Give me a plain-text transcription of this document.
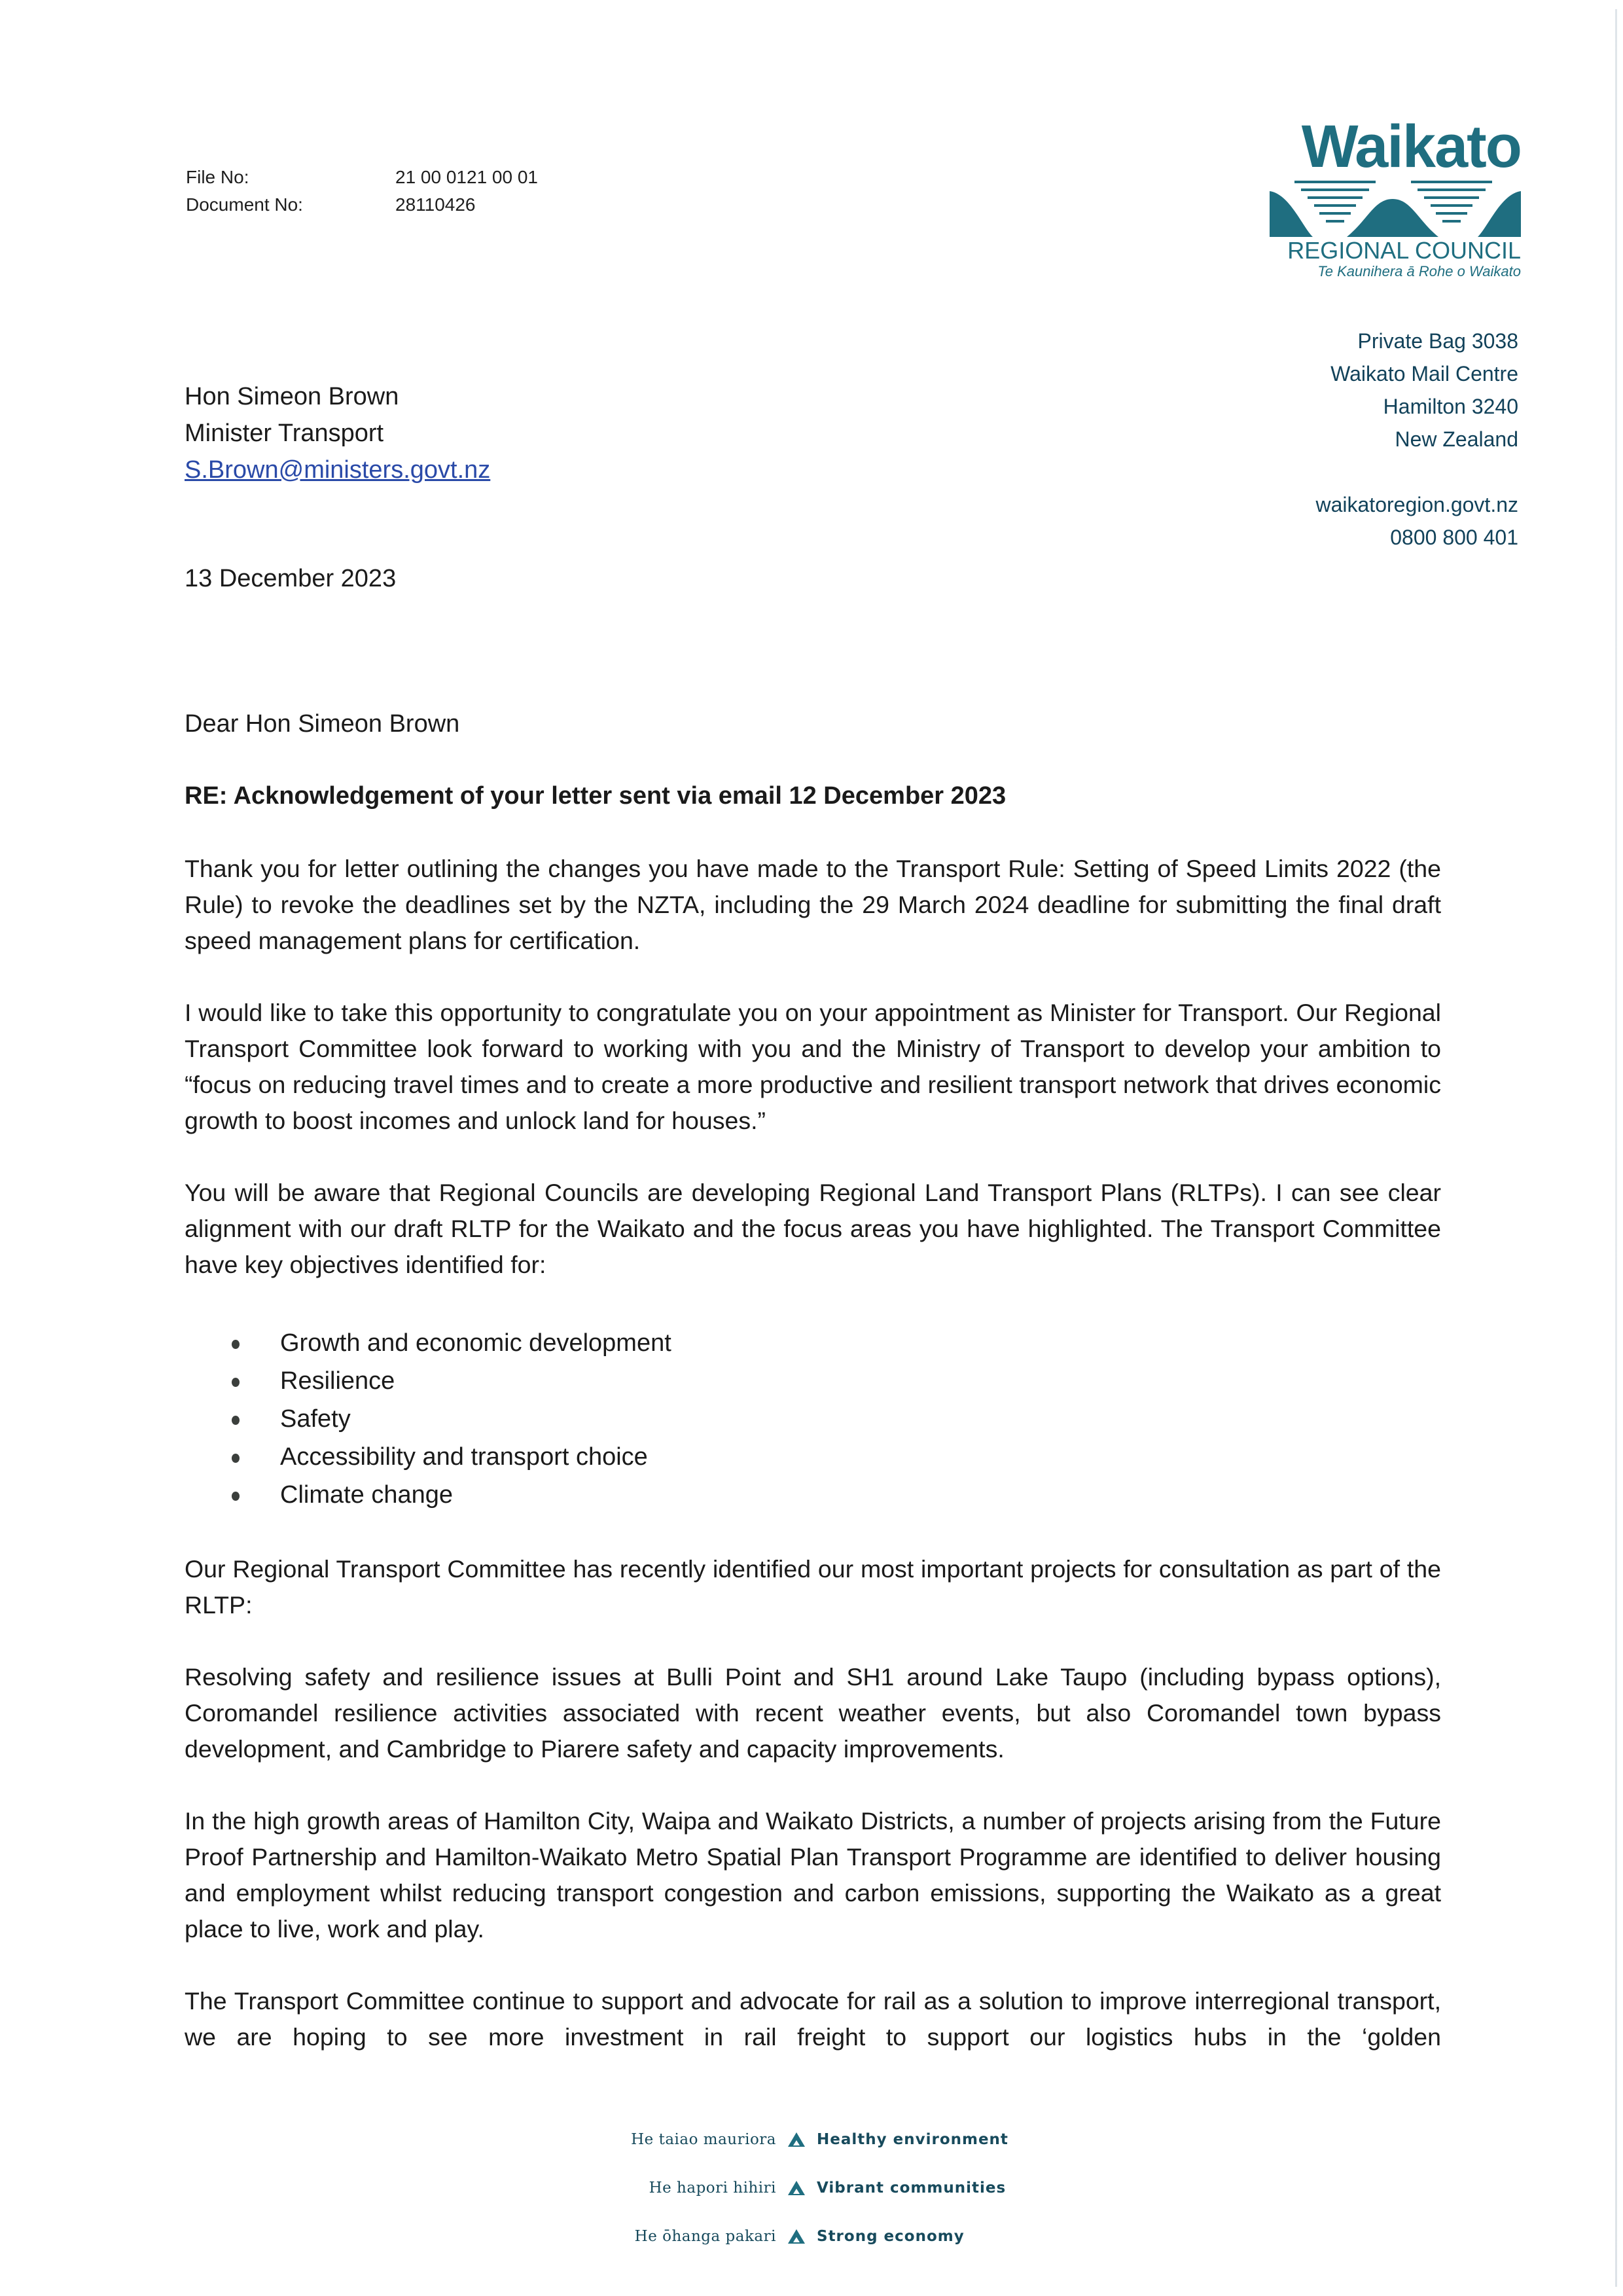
File No:	21 00 0121 00 01
Document No:	28110426
Waikato
REGIONAL COUNCIL
Te Kaunihera ā Rohe o Waikato
Private Bag 3038
Waikato Mail Centre
Hamilton 3240
New Zealand
waikatoregion.govt.nz
0800 800 401
Hon Simeon Brown
Minister Transport
S.Brown@ministers.govt.nz
13 December 2023
Dear Hon Simeon Brown
RE: Acknowledgement of your letter sent via email 12 December 2023
Thank you for letter outlining the changes you have made to the Transport Rule: Setting of Speed Limits 2022 (the Rule) to revoke the deadlines set by the NZTA, including the 29 March 2024 deadline for submitting the final draft speed management plans for certification.
I would like to take this opportunity to congratulate you on your appointment as Minister for Transport. Our Regional Transport Committee look forward to working with you and the Ministry of Transport to develop your ambition to “focus on reducing travel times and to create a more productive and resilient transport network that drives economic growth to boost incomes and unlock land for houses.”
You will be aware that Regional Councils are developing Regional Land Transport Plans (RLTPs). I can see clear alignment with our draft RLTP for the Waikato and the focus areas you have highlighted. The Transport Committee have key objectives identified for:
Growth and economic development
Resilience
Safety
Accessibility and transport choice
Climate change
Our Regional Transport Committee has recently identified our most important projects for consultation as part of the RLTP:
Resolving safety and resilience issues at Bulli Point and SH1 around Lake Taupo (including bypass options), Coromandel resilience activities associated with recent weather events, but also Coromandel town bypass development, and Cambridge to Piarere safety and capacity improvements.
In the high growth areas of Hamilton City, Waipa and Waikato Districts, a number of projects arising from the Future Proof Partnership and Hamilton-Waikato Metro Spatial Plan Transport Programme are identified to deliver housing and employment whilst reducing transport congestion and carbon emissions, supporting the Waikato as a great place to live, work and play.
The Transport Committee continue to support and advocate for rail as a solution to improve interregional transport, we are hoping to see more investment in rail freight to support our logistics hubs in the ‘golden
He taiao mauriora	Healthy environment
He hapori hihiri	Vibrant communities
He ōhanga pakari	Strong economy
